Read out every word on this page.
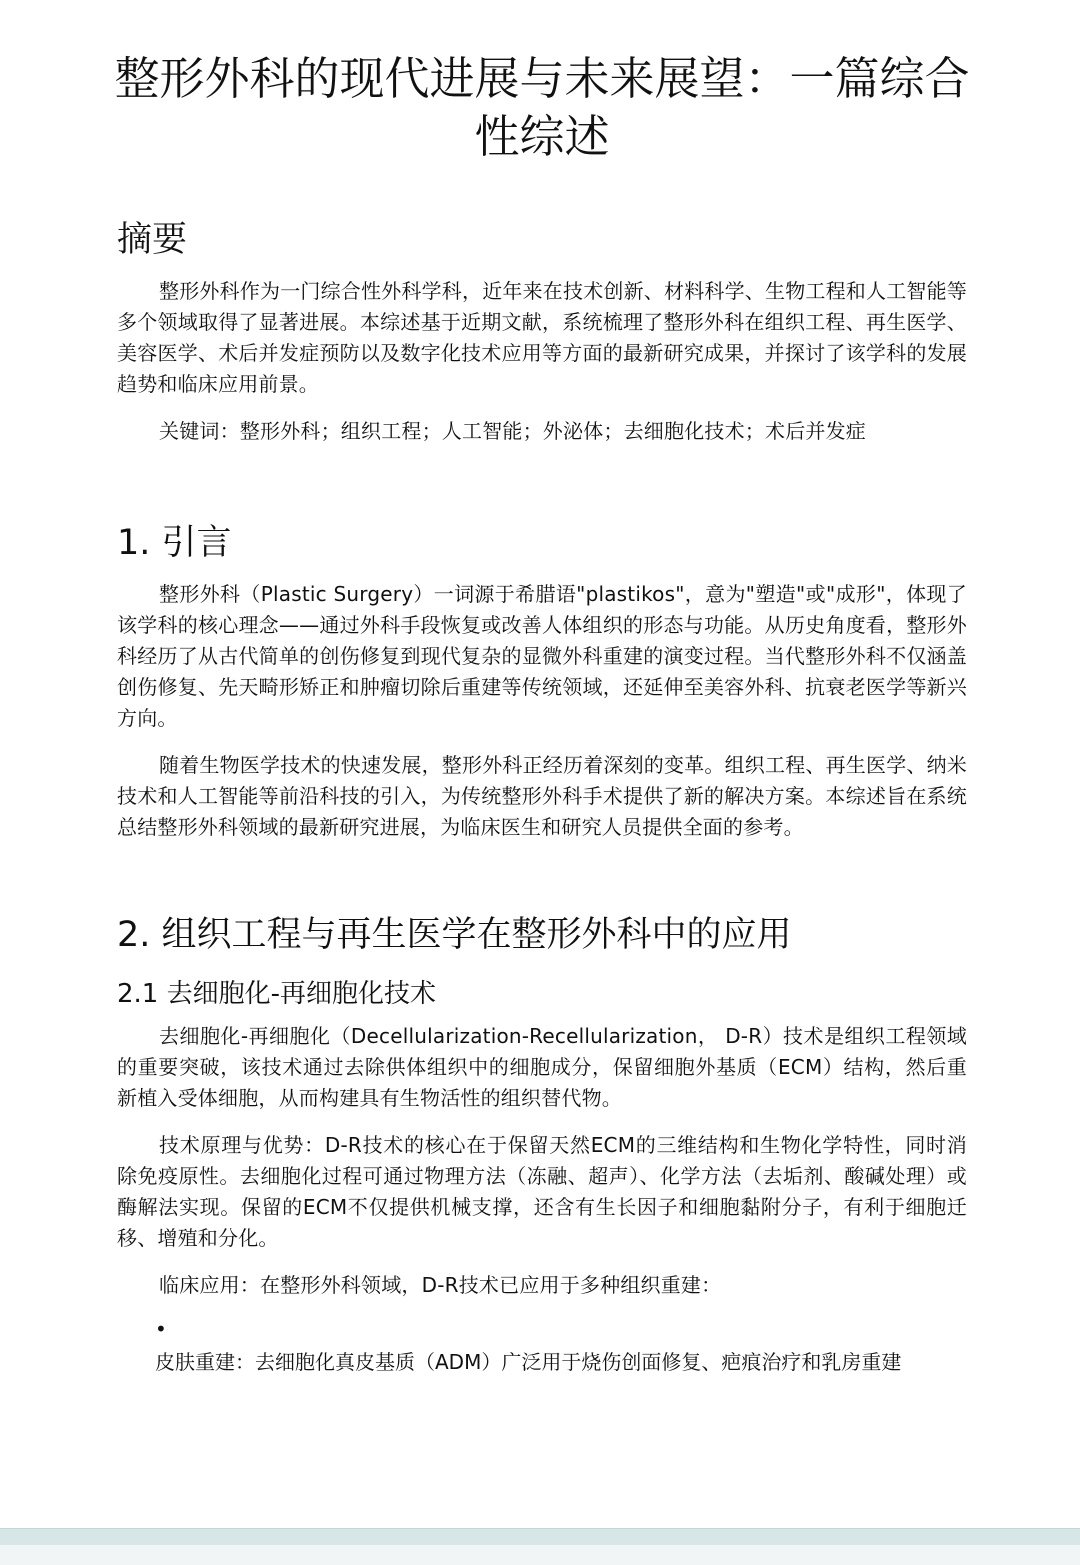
整形外科的现代进展与未来展望：一篇综合性综述
摘要

整形外科作为一门综合性外科学科，近年来在技术创新、材料科学、生物工程和人工智能等多个领域取得了显著进展。本综述基于近期文献，系统梳理了整形外科在组织工程、再生医学、美容医学、术后并发症预防以及数字化技术应用等方面的最新研究成果，并探讨了该学科的发展趋势和临床应用前景。

关键词：整形外科；组织工程；人工智能；外泌体；去细胞化技术；术后并发症

1. 引言

整形外科（Plastic Surgery）一词源于希腊语"plastikos"，意为"塑造"或"成形"，体现了该学科的核心理念——通过外科手段恢复或改善人体组织的形态与功能。从历史角度看，整形外科经历了从古代简单的创伤修复到现代复杂的显微外科重建的演变过程。当代整形外科不仅涵盖创伤修复、先天畸形矫正和肿瘤切除后重建等传统领域，还延伸至美容外科、抗衰老医学等新兴方向。

随着生物医学技术的快速发展，整形外科正经历着深刻的变革。组织工程、再生医学、纳米技术和人工智能等前沿科技的引入，为传统整形外科手术提供了新的解决方案。本综述旨在系统总结整形外科领域的最新研究进展，为临床医生和研究人员提供全面的参考。

2. 组织工程与再生医学在整形外科中的应用
2.1 去细胞化-再细胞化技术

去细胞化-再细胞化（Decellularization-Recellularization， D-R）技术是组织工程领域的重要突破，该技术通过去除供体组织中的细胞成分，保留细胞外基质（ECM）结构，然后重新植入受体细胞，从而构建具有生物活性的组织替代物。

技术原理与优势：D-R技术的核心在于保留天然ECM的三维结构和生物化学特性，同时消除免疫原性。去细胞化过程可通过物理方法（冻融、超声）、化学方法（去垢剂、酸碱处理）或酶解法实现。保留的ECM不仅提供机械支撑，还含有生长因子和细胞黏附分子，有利于细胞迁移、增殖和分化。

临床应用：在整形外科领域，D-R技术已应用于多种组织重建：

•
皮肤重建：去细胞化真皮基质（ADM）广泛用于烧伤创面修复、疤痕治疗和乳房重建
